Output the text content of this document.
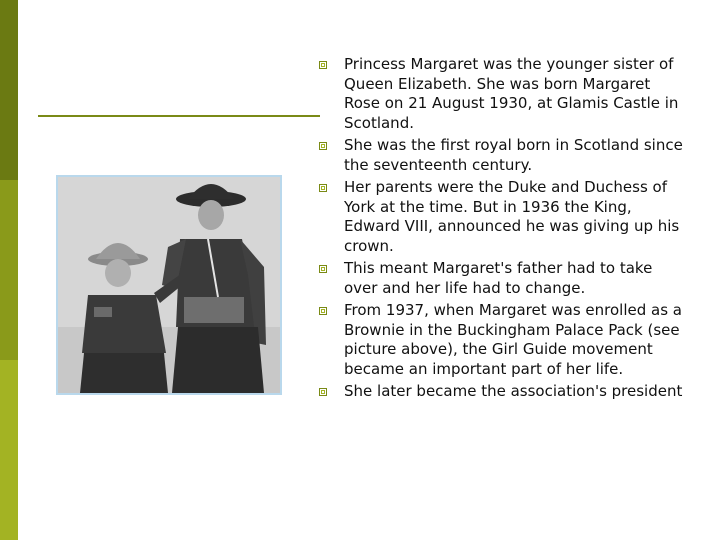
Princess Margaret was the younger sister of Queen Elizabeth. She was born Margaret Rose on 21 August 1930, at Glamis Castle in Scotland.
She was the first royal born in Scotland since the seventeenth century.
Her parents were the Duke and Duchess of York at the time. But in 1936 the King, Edward VIII, announced he was giving up his crown.
This meant Margaret's father had to take over and her life had to change.
From 1937, when Margaret was enrolled as a Brownie in the Buckingham Palace Pack (see picture above), the Girl Guide movement became an important part of her life.
She later became the association's president
